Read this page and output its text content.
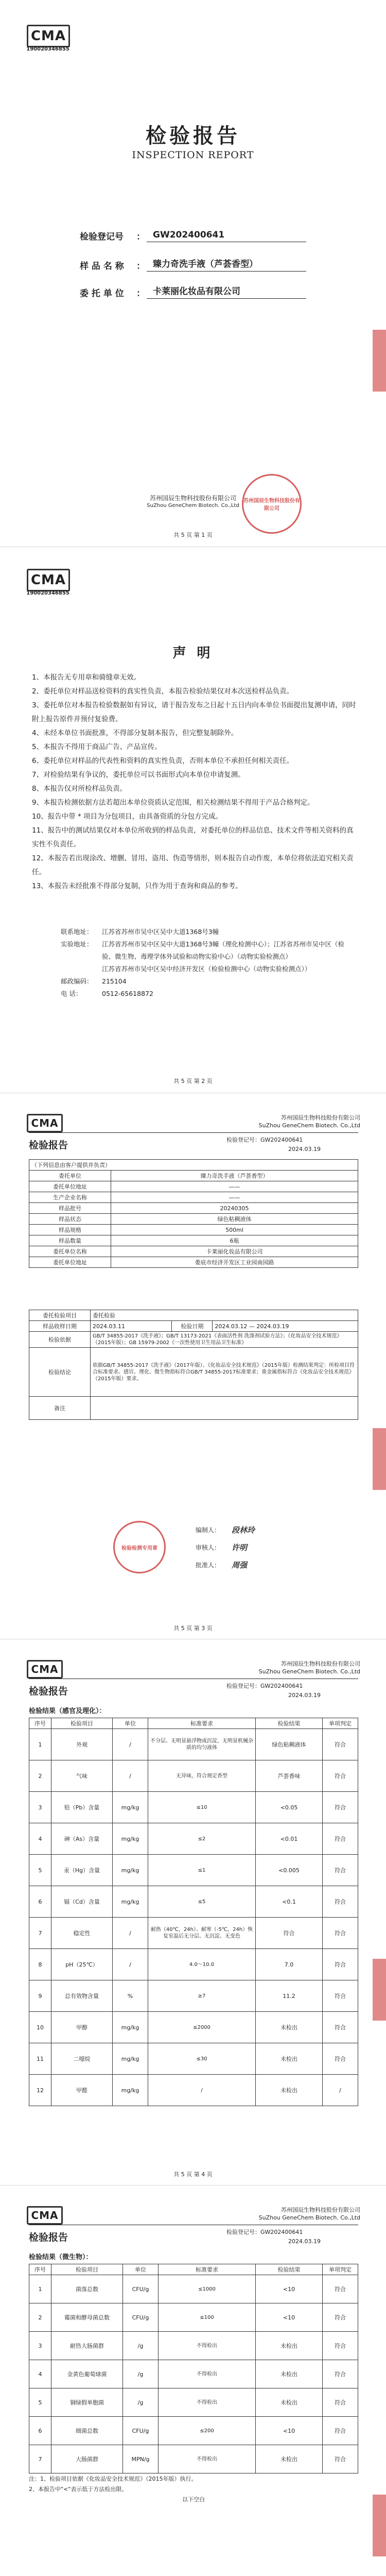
CMA
190020346855
检验报告
INSPECTION REPORT
检验登记号	： GW202400641
样 品 名 称	： 臻力奇洗手液（芦荟香型）
委 托 单 位	： 卡莱丽化妆品有限公司
苏州国辰生物科技股份有限公司
苏州国辰生物科技股份有限公司
SuZhou GeneChem Biotech. Co.,Ltd
共 5 页 第 1 页
CMA
190020346855
声 明

1、本报告无专用章和骑缝章无效。

2、委托单位对样品送检资料的真实性负责，本报告检验结果仅对本次送检样品负责。

3、委托单位对本报告检验数据如有异议，请于报告发布之日起十五日内向本单位书面提出复测申请，同时附上报告原件并预付复验费。

4、未经本单位书面批准，不得部分复制本报告，但完整复制除外。

5、本报告不得用于商品广告、产品宣传。

6、委托单位对样品的代表性和资料的真实性负责，否则本单位不承担任何相关责任。

7、对检验结果有争议的，委托单位可以书面形式向本单位申请复测。

8、本报告仅对所检样品负责。

9、本报告检测依据方法若超出本单位资质认定范围，相关检测结果不得用于产品合格判定。

10、报告中带 * 项目为分包项目，由具备资质的分包方完成。

11、报告中的测试结果仅对本单位所收到的样品负责，对委托单位的样品信息、技术文件等相关资料的真实性不负责任。

12、本报告若出现涂改、增删、冒用、盗用、伪造等情形，则本报告自动作废，本单位将依法追究相关责任。

13、本报告未经批准不得部分复制，只作为用于查询和商品的参考。

联系地址：	江苏省苏州市吴中区吴中大道1368号3幢
实验地址：	江苏省苏州市吴中区吴中大道1368号3幢（理化检测中心）；江苏省苏州市吴中区（检验、微生物、毒理学体外试验和动物实验中心）（动物实验检测点）
江苏省苏州市吴中区吴中经济开发区（检验检测中心（动物实验检测点））
邮政编码：	215104
电 话：	0512-65618872
共 5 页 第 2 页
CMA	苏州国辰生物科技股份有限公司
SuZhou GeneChem Biotech. Co.,Ltd
检验报告	检验登记号：GW202400641
2024.03.19
（下列信息由客户提供并负责）	
委托单位	臻力奇洗手液（芦荟香型）
委托单位地址	——
生产企业名称	——
样品批号	20240305
样品状态	绿色粘稠液体
样品规格	500ml
样品数量	6瓶
委托单位名称	卡莱丽化妆品有限公司
委托单位地址	娄底市经济开发区工业园南园路
委托检验项目	委托检验		
样品收样日期	2024.03.11	检验日期	2024.03.12 — 2024.03.19
检验依据	GB/T 34855-2017《洗手液》；GB/T 13173-2021《表面活性剂 洗涤剂试验方法》；《化妆品安全技术规范》（2015年版）；GB 15979-2002《一次性使用卫生用品卫生标准》		
检验结论	依据GB/T 34855-2017《洗手液》（2017年版）、《化妆品安全技术规范》（2015年版）检测结果判定：所检项目符合标准要求。感官、理化、微生物指标符合GB/T 34855-2017标准要求；重金属指标符合《化妆品安全技术规范》（2015年版）要求。		
备注			
编制人：	段林玲
审核人：	许明
批准人：	周强
检验检测专用章
共 5 页 第 3 页
CMA	苏州国辰生物科技股份有限公司
SuZhou GeneChem Biotech. Co.,Ltd
检验报告	检验登记号：GW202400641
2024.03.19
检验结果（感官及理化）：
序号	检验项目	单位	标准要求	检验结果	单项判定
1	外观	/	不分层、无明显悬浮物或沉淀，无明显机械杂质的均匀液体	绿色粘稠液体	符合
2	气味	/	无异味，符合规定香型	芦荟香味	符合
3	铅（Pb）含量	mg/kg	≤10	<0.05	符合
4	砷（As）含量	mg/kg	≤2	<0.01	符合
5	汞（Hg）含量	mg/kg	≤1	<0.005	符合
6	镉（Cd）含量	mg/kg	≤5	<0.1	符合
7	稳定性	/	耐热（40℃，24h）、耐寒（-5℃，24h）恢复室温后无分层、无沉淀、无变色	符合	符合
8	pH（25℃）	/	4.0～10.0	7.0	符合
9	总有效物含量	%	≥7	11.2	符合
10	甲醇	mg/kg	≤2000	未检出	符合
11	二噁烷	mg/kg	≤30	未检出	符合
12	甲醛	mg/kg	/	未检出	/
共 5 页 第 4 页
CMA	苏州国辰生物科技股份有限公司
SuZhou GeneChem Biotech. Co.,Ltd
检验报告	检验登记号：GW202400641
2024.03.19
检验结果（微生物）：
序号	检验项目	单位	标准要求	检验结果	单项判定
1	菌落总数	CFU/g	≤1000	<10	符合
2	霉菌和酵母菌总数	CFU/g	≤100	<10	符合
3	耐热大肠菌群	/g	不得检出	未检出	符合
4	金黄色葡萄球菌	/g	不得检出	未检出	符合
5	铜绿假单胞菌	/g	不得检出	未检出	符合
6	细菌总数	CFU/g	≤200	<10	符合
7	大肠菌群	MPN/g	不得检出	未检出	符合
注：1、检验项目依据《化妆品安全技术规范》（2015年版）执行。
2、本报告中"<"表示低于方法检出限。
以下空白
